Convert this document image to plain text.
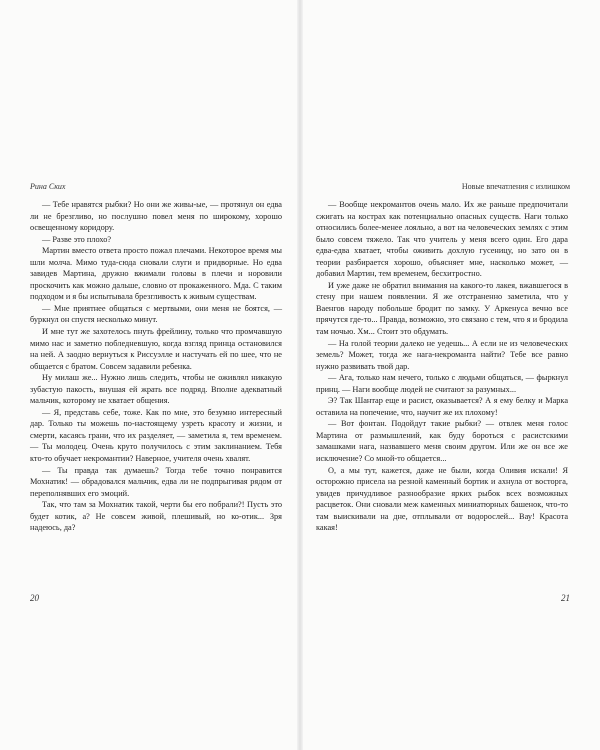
Рина Ских

— Тебе нравятся рыбки? Но они же живы-ые, — протянул он едва ли не брезгливо, но послушно повел меня по широкому, хорошо освещенному коридору.

— Разве это плохо?

Мартин вместо ответа просто пожал плечами. Некоторое время мы шли молча. Мимо туда-сюда сновали слуги и придворные. Но едва завидев Мартина, дружно вжимали головы в плечи и норовили проскочить как можно дальше, словно от прокаженного. Мда. С таким подходом и я бы испытывала брезгливость к живым существам.

— Мне приятнее общаться с мертвыми, они меня не боятся, — буркнул он спустя несколько минут.

И мне тут же захотелось пнуть фрейлину, только что промчавшую мимо нас и заметно побледневшую, когда взгляд принца остановился на ней. А заодно вернуться к Риссуэлле и настучать ей по шее, что не общается с братом. Совсем задавили ребенка.

Ну милаш же... Нужно лишь следить, чтобы не оживлял никакую зубастую пакость, внушая ей жрать все подряд. Вполне адекватный мальчик, которому не хватает общения.

— Я, представь себе, тоже. Как по мне, это безумно интересный дар. Только ты можешь по-настоящему узреть красоту и жизни, и смерти, касаясь грани, что их разделяет, — заметила я, тем временем. — Ты молодец. Очень круто получилось с этим заклинанием. Тебя кто-то обучает некромантии? Наверное, учителя очень хвалят.

— Ты правда так думаешь? Тогда тебе точно понравится Мохнатик! — обрадовался мальчик, едва ли не подпрыгивая рядом от переполнявших его эмоций.

Так, что там за Мохнатик такой, черти бы его побрали?! Пусть это будет котик, а? Не совсем живой, плешивый, но ко-отик... Зря надеюсь, да?

20
Новые впечатления с излишком

— Вообще некромантов очень мало. Их же раньше предпочитали сжигать на кострах как потенциально опасных существ. Наги только относились более-менее лояльно, а вот на человеческих землях с этим было совсем тяжело. Так что учитель у меня всего один. Его дара едва-едва хватает, чтобы оживить дохлую гусеницу, но зато он в теории разбирается хорошо, объясняет мне, насколько может, — добавил Мартин, тем временем, бесхитростно.

И уже даже не обратил внимания на какого-то лакея, вжавшегося в стену при нашем появлении. Я же отстраненно заметила, что у Ваенгов народу побольше бродит по замку. У Аркенуса вечно все прячутся где-то... Правда, возможно, это связано с тем, что я и бродила там ночью. Хм... Стоит это обдумать.

— На голой теории далеко не уедешь... А если не из человеческих земель? Может, тогда же нага-некроманта найти? Тебе все равно нужно развивать твой дар.

— Ага, только нам нечего, только с людьми общаться, — фыркнул принц. — Наги вообще людей не считают за разумных...

Э? Так Шантар еще и расист, оказывается? А я ему белку и Марка оставила на попечение, что, научит же их плохому!

— Вот фонтан. Подойдут такие рыбки? — отвлек меня голос Мартина от размышлений, как буду бороться с расистскими замашками нага, назвавшего меня своим другом. Или же он все же исключение? Со мной-то общается...

О, а мы тут, кажется, даже не были, когда Оливия искали! Я осторожно присела на резной каменный бортик и ахнула от восторга, увидев причудливое разнообразие ярких рыбок всех возможных расцветок. Они сновали меж каменных миниатюрных башенок, что-то там выискивали на дне, отплывали от водорослей... Вау! Красота какая!

21
